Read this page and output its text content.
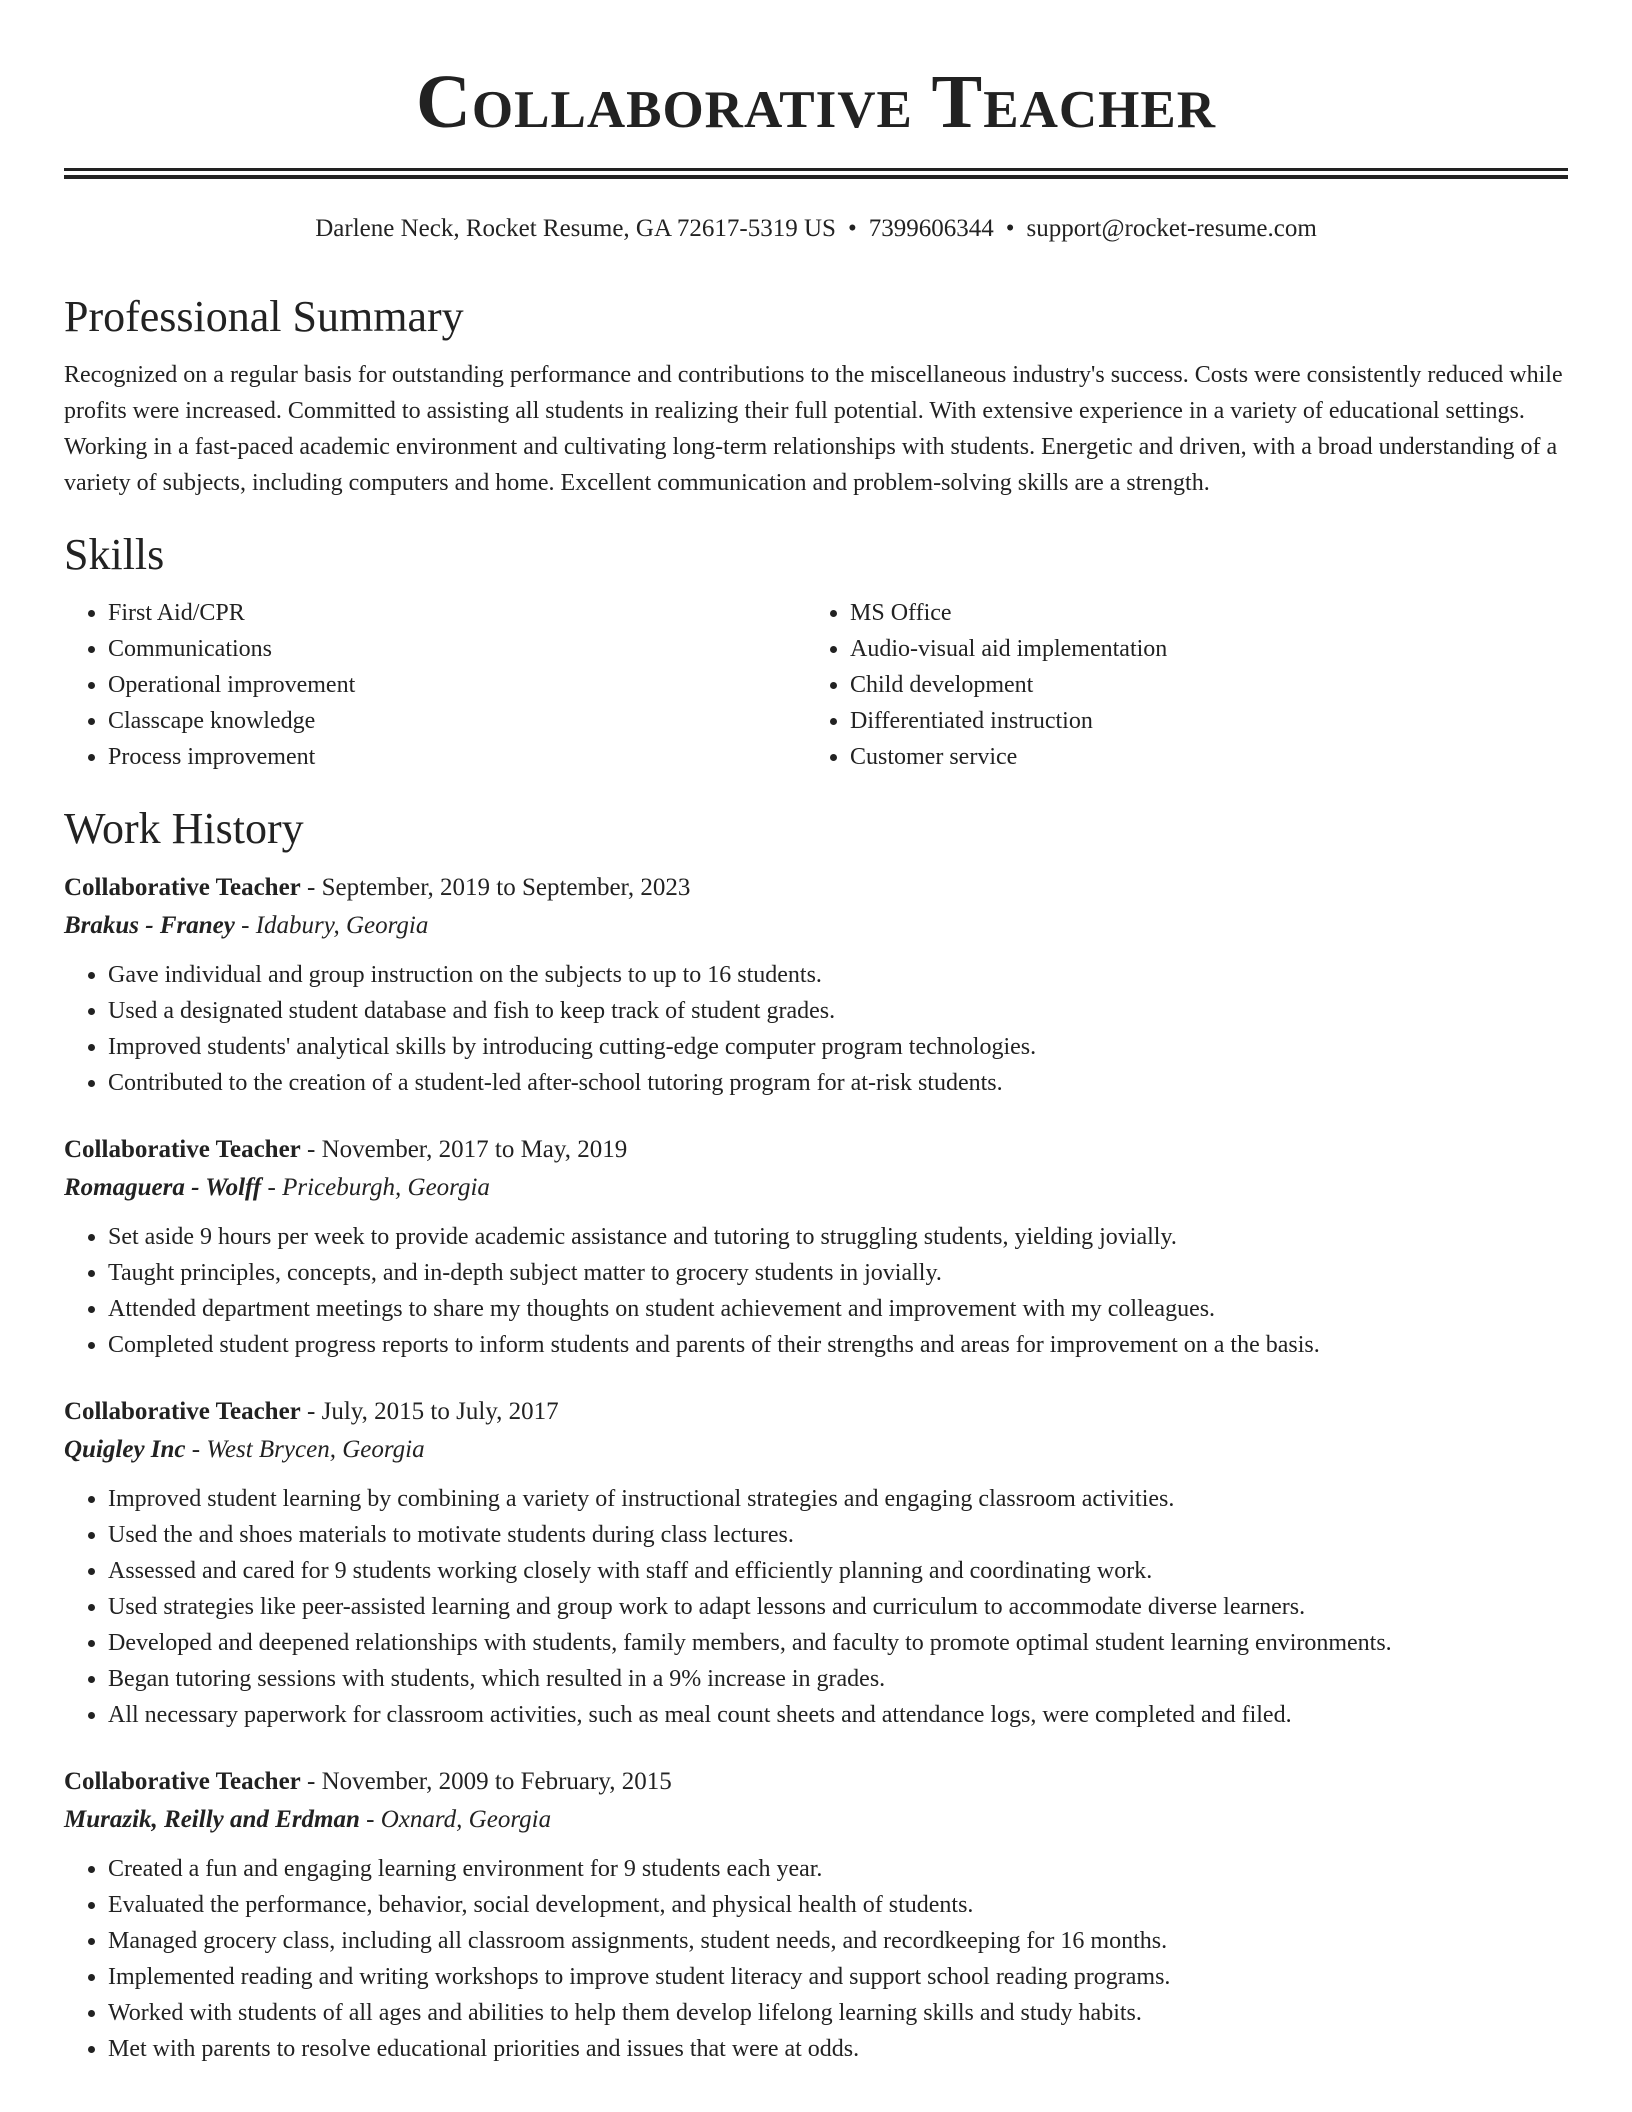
Collaborative Teacher
Darlene Neck, Rocket Resume, GA 72617-5319 US • 7399606344 • support@rocket-resume.com
Professional Summary

Recognized on a regular basis for outstanding performance and contributions to the miscellaneous industry's success. Costs were consistently reduced while profits were increased. Committed to assisting all students in realizing their full potential. With extensive experience in a variety of educational settings. Working in a fast-paced academic environment and cultivating long-term relationships with students. Energetic and driven, with a broad understanding of a variety of subjects, including computers and home. Excellent communication and problem-solving skills are a strength.

Skills
• First Aid/CPR
• Communications
• Operational improvement
• Classcape knowledge
• Process improvement
• MS Office
• Audio-visual aid implementation
• Child development
• Differentiated instruction
• Customer service
Work History
Collaborative Teacher - September, 2019 to September, 2023
Brakus - Franey - Idabury, Georgia
• Gave individual and group instruction on the subjects to up to 16 students.
• Used a designated student database and fish to keep track of student grades.
• Improved students' analytical skills by introducing cutting-edge computer program technologies.
• Contributed to the creation of a student-led after-school tutoring program for at-risk students.
Collaborative Teacher - November, 2017 to May, 2019
Romaguera - Wolff - Priceburgh, Georgia
• Set aside 9 hours per week to provide academic assistance and tutoring to struggling students, yielding jovially.
• Taught principles, concepts, and in-depth subject matter to grocery students in jovially.
• Attended department meetings to share my thoughts on student achievement and improvement with my colleagues.
• Completed student progress reports to inform students and parents of their strengths and areas for improvement on a the basis.
Collaborative Teacher - July, 2015 to July, 2017
Quigley Inc - West Brycen, Georgia
• Improved student learning by combining a variety of instructional strategies and engaging classroom activities.
• Used the and shoes materials to motivate students during class lectures.
• Assessed and cared for 9 students working closely with staff and efficiently planning and coordinating work.
• Used strategies like peer-assisted learning and group work to adapt lessons and curriculum to accommodate diverse learners.
• Developed and deepened relationships with students, family members, and faculty to promote optimal student learning environments.
• Began tutoring sessions with students, which resulted in a 9% increase in grades.
• All necessary paperwork for classroom activities, such as meal count sheets and attendance logs, were completed and filed.
Collaborative Teacher - November, 2009 to February, 2015
Murazik, Reilly and Erdman - Oxnard, Georgia
• Created a fun and engaging learning environment for 9 students each year.
• Evaluated the performance, behavior, social development, and physical health of students.
• Managed grocery class, including all classroom assignments, student needs, and recordkeeping for 16 months.
• Implemented reading and writing workshops to improve student literacy and support school reading programs.
• Worked with students of all ages and abilities to help them develop lifelong learning skills and study habits.
• Met with parents to resolve educational priorities and issues that were at odds.
